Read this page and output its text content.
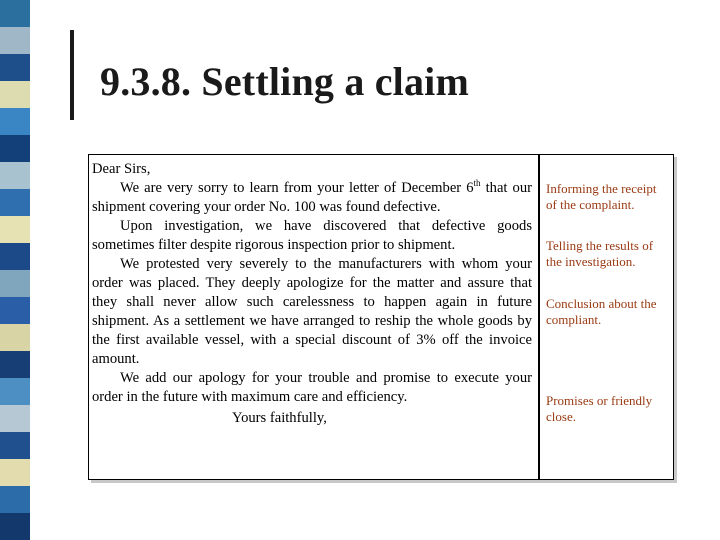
9.3.8. Settling a claim

Dear Sirs,

We are very sorry to learn from your letter of December 6th that our shipment covering your order No. 100 was found defective.

Upon investigation, we have discovered that defective goods sometimes filter despite rigorous inspection prior to shipment.

We protested very severely to the manufacturers with whom your order was placed. They deeply apologize for the matter and assure that they shall never allow such carelessness to happen again in future shipment. As a settlement we have arranged to reship the whole goods by the first available vessel, with a special discount of 3% off the invoice amount.

We add our apology for your trouble and promise to execute your order in the future with maximum care and efficiency.

Yours faithfully,

Informing the receipt of the complaint.
Telling the results of the investigation.
Conclusion about the compliant.
Promises or friendly close.
